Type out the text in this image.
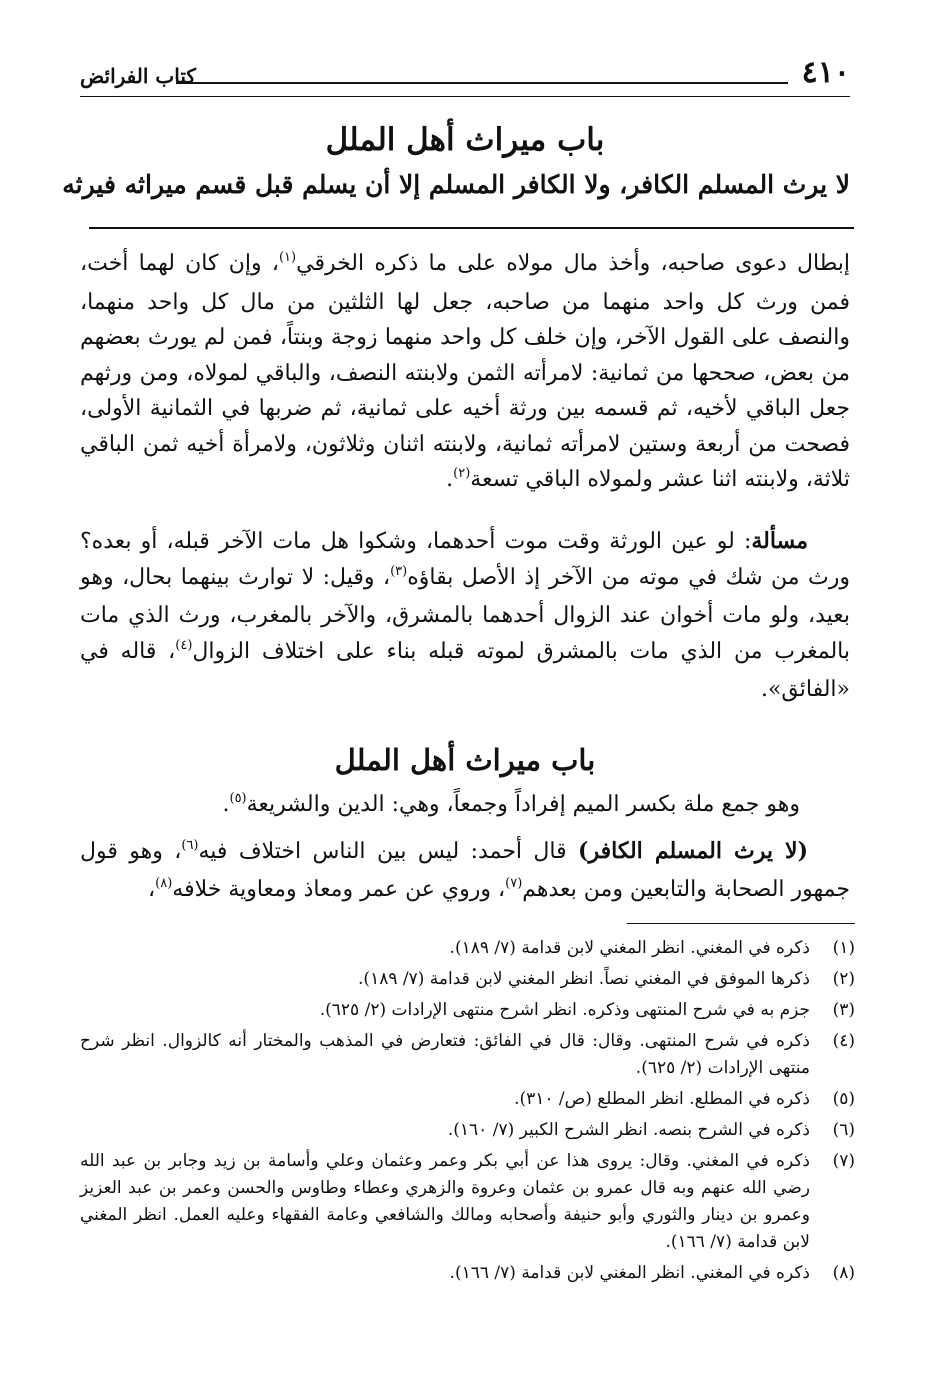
٤١٠
كتاب الفرائض
باب ميراث أهل الملل
لا يرث المسلم الكافر، ولا الكافر المسلم إلا أن يسلم قبل قسم ميراثه فيرثه

إبطال دعوى صاحبه، وأخذ مال مولاه على ما ذكره الخرقي$^{(١)}$، وإن كان لهما أخت، فمن ورث كل واحد منهما من صاحبه، جعل لها الثلثين من مال كل واحد منهما، والنصف على القول الآخر، وإن خلف كل واحد منهما زوجة وبنتاً، فمن لم يورث بعضهم من بعض، صححها من ثمانية: لامرأته الثمن ولابنته النصف، والباقي لمولاه، ومن ورثهم جعل الباقي لأخيه، ثم قسمه بين ورثة أخيه على ثمانية، ثم ضربها في الثمانية الأولى، فصحت من أربعة وستين لامرأته ثمانية، ولابنته اثنان وثلاثون، ولامرأة أخيه ثمن الباقي ثلاثة، ولابنته اثنا عشر ولمولاه الباقي تسعة$^{(٢)}$.

مسألة: لو عين الورثة وقت موت أحدهما، وشكوا هل مات الآخر قبله، أو بعده؟ ورث من شك في موته من الآخر إذ الأصل بقاؤه$^{(٣)}$، وقيل: لا توارث بينهما بحال، وهو بعيد، ولو مات أخوان عند الزوال أحدهما بالمشرق، والآخر بالمغرب، ورث الذي مات بالمغرب من الذي مات بالمشرق لموته قبله بناء على اختلاف الزوال$^{(٤)}$، قاله في «الفائق».

باب ميراث أهل الملل

وهو جمع ملة بكسر الميم إفراداً وجمعاً، وهي: الدين والشريعة$^{(٥)}$.

(لا يرث المسلم الكافر) قال أحمد: ليس بين الناس اختلاف فيه$^{(٦)}$، وهو قول جمهور الصحابة والتابعين ومن بعدهم$^{(٧)}$، وروي عن عمر ومعاذ ومعاوية خلافه$^{(٨)}$،

(١)
ذكره في المغني. انظر المغني لابن قدامة (٧/ ١٨٩).
(٢)
ذكرها الموفق في المغني نصاً. انظر المغني لابن قدامة (٧/ ١٨٩).
(٣)
جزم به في شرح المنتهى وذكره. انظر اشرح منتهى الإرادات (٢/ ٦٢٥).
(٤)
ذكره في شرح المنتهى. وقال: قال في الفائق: فتعارض في المذهب والمختار أنه كالزوال. انظر شرح منتهى الإرادات (٢/ ٦٢٥).
(٥)
ذكره في المطلع. انظر المطلع (ص/ ٣١٠).
(٦)
ذكره في الشرح بنصه. انظر الشرح الكبير (٧/ ١٦٠).
(٧)
ذكره في المغني. وقال: يروى هذا عن أبي بكر وعمر وعثمان وعلي وأسامة بن زيد وجابر بن عبد الله رضي الله عنهم وبه قال عمرو بن عثمان وعروة والزهري وعطاء وطاوس والحسن وعمر بن عبد العزيز وعمرو بن دينار والثوري وأبو حنيفة وأصحابه ومالك والشافعي وعامة الفقهاء وعليه العمل. انظر المغني لابن قدامة (٧/ ١٦٦).
(٨)
ذكره في المغني. انظر المغني لابن قدامة (٧/ ١٦٦).
